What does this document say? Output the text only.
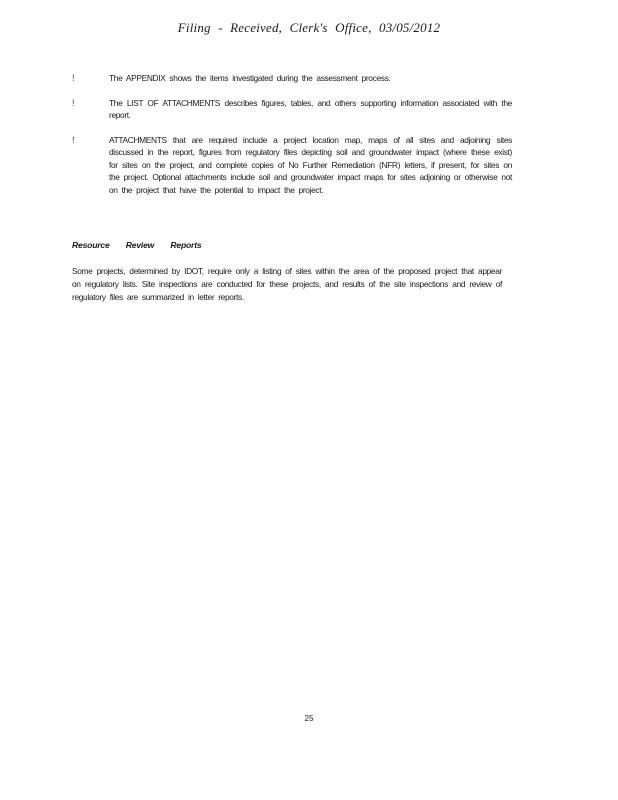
Filing - Received, Clerk's Office, 03/05/2012
!	The APPENDIX shows the items investigated during the assessment process.

!	The LIST OF ATTACHMENTS describes figures, tables, and others supporting information associated with the report.

!	ATTACHMENTS that are required include a project location map, maps of all sites and adjoining sites discussed in the report, figures from regulatory files depicting soil and groundwater impact (where these exist) for sites on the project, and complete copies of No Further Remediation (NFR) letters, if present, for sites on the project. Optional attachments include soil and groundwater impact maps for sites adjoining or otherwise not on the project that have the potential to impact the project.

Resource Review Reports

Some projects, determined by IDOT, require only a listing of sites within the area of the proposed project that appear on regulatory lists. Site inspections are conducted for these projects, and results of the site inspections and review of regulatory files are summarized in letter reports.

25
